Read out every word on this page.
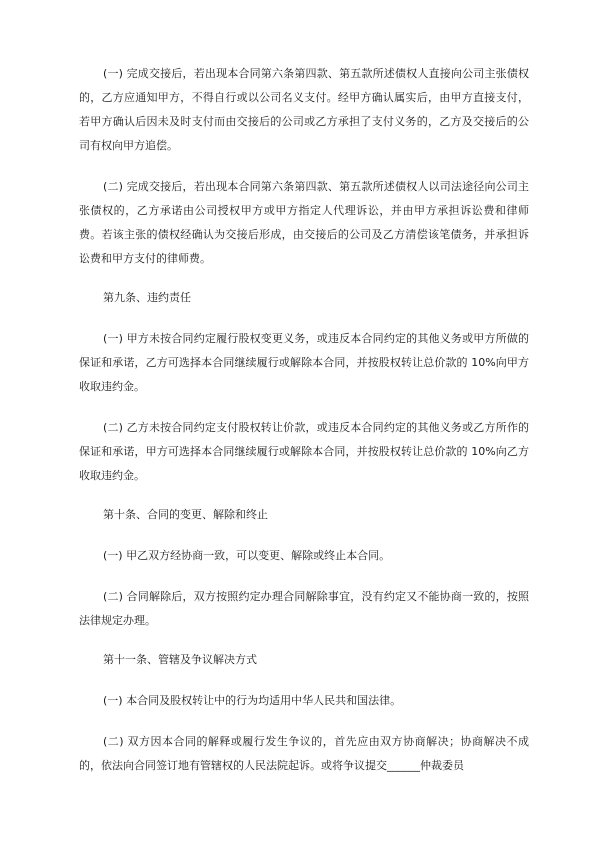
(一) 完成交接后，若出现本合同第六条第四款、第五款所述债权人直接向公司主张债权的，乙方应通知甲方，不得自行或以公司名义支付。经甲方确认属实后，由甲方直接支付，若甲方确认后因未及时支付而由交接后的公司或乙方承担了支付义务的，乙方及交接后的公司有权向甲方追偿。

(二) 完成交接后，若出现本合同第六条第四款、第五款所述债权人以司法途径向公司主张债权的，乙方承诺由公司授权甲方或甲方指定人代理诉讼，并由甲方承担诉讼费和律师费。若该主张的债权经确认为交接后形成，由交接后的公司及乙方清偿该笔债务，并承担诉讼费和甲方支付的律师费。

第九条、违约责任

(一) 甲方未按合同约定履行股权变更义务，或违反本合同约定的其他义务或甲方所做的保证和承诺，乙方可选择本合同继续履行或解除本合同，并按股权转让总价款的 10%向甲方收取违约金。

(二) 乙方未按合同约定支付股权转让价款，或违反本合同约定的其他义务或乙方所作的保证和承诺，甲方可选择本合同继续履行或解除本合同，并按股权转让总价款的 10%向乙方收取违约金。

第十条、合同的变更、解除和终止

(一) 甲乙双方经协商一致，可以变更、解除或终止本合同。

(二) 合同解除后，双方按照约定办理合同解除事宜，没有约定又不能协商一致的，按照法律规定办理。

第十一条、管辖及争议解决方式

(一) 本合同及股权转让中的行为均适用中华人民共和国法律。

(二) 双方因本合同的解释或履行发生争议的，首先应由双方协商解决；协商解决不成的，依法向合同签订地有管辖权的人民法院起诉。或将争议提交______仲裁委员
